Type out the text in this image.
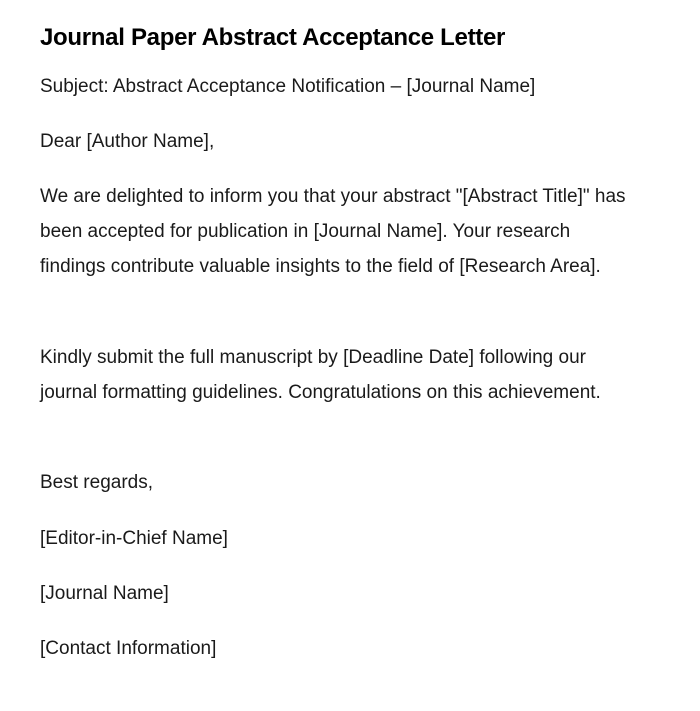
Journal Paper Abstract Acceptance Letter

Subject: Abstract Acceptance Notification – [Journal Name]

Dear [Author Name],

We are delighted to inform you that your abstract "[Abstract Title]" has been accepted for publication in [Journal Name]. Your research findings contribute valuable insights to the field of [Research Area].

Kindly submit the full manuscript by [Deadline Date] following our journal formatting guidelines. Congratulations on this achievement.

Best regards,

[Editor-in-Chief Name]

[Journal Name]

[Contact Information]
